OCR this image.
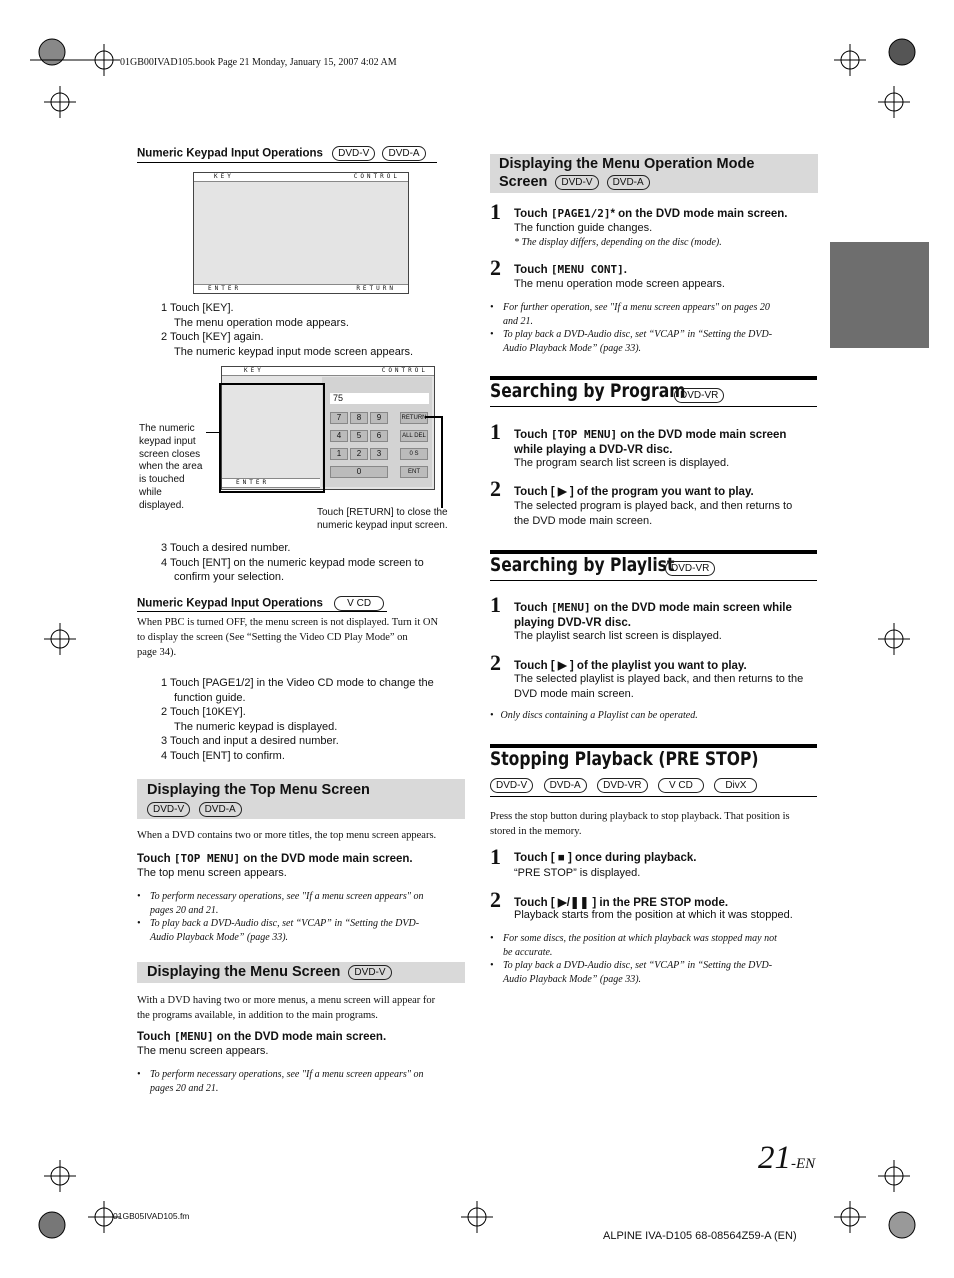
01GB00IVAD105.book Page 21 Monday, January 15, 2007 4:02 AM
Numeric Keypad Input Operations DVD-V DVD-A
KEY	CONTROL
ENTER	RETURN
1 Touch [KEY].
The menu operation mode appears.
2 Touch [KEY] again.
The numeric keypad input mode screen appears.
KEY	CONTROL
ENTER
75
7	8	9
4	5	6
1	2	3
0
RETURN
ALL DEL
0 S
ENT
The numeric
keypad input
screen closes
when the area
is touched
while
displayed.
Touch [RETURN] to close the
numeric keypad input screen.
3 Touch a desired number.
4 Touch [ENT] on the numeric keypad mode screen to
confirm your selection.
Numeric Keypad Input Operations V CD
When PBC is turned OFF, the menu screen is not displayed. Turn it ON
to display the screen (See “Setting the Video CD Play Mode” on
page 34).
1 Touch [PAGE1/2] in the Video CD mode to change the
function guide.
2 Touch [10KEY].
The numeric keypad is displayed.
3 Touch and input a desired number.
4 Touch [ENT] to confirm.
Displaying the Top Menu Screen
DVD-V DVD-A
When a DVD contains two or more titles, the top menu screen appears.
Touch [TOP MENU] on the DVD mode main screen.
The top menu screen appears.
• To perform necessary operations, see "If a menu screen appears" on
pages 20 and 21.
• To play back a DVD-Audio disc, set “VCAP” in “Setting the DVD-
Audio Playback Mode” (page 33).
Displaying the Menu Screen DVD-V
With a DVD having two or more menus, a menu screen will appear for
the programs available, in addition to the main programs.
Touch [MENU] on the DVD mode main screen.
The menu screen appears.
• To perform necessary operations, see "If a menu screen appears" on
pages 20 and 21.
Displaying the Menu Operation Mode
Screen DVD-V DVD-A
1 Touch [PAGE1/2]* on the DVD mode main screen.
The function guide changes.
* The display differs, depending on the disc (mode).
2 Touch [MENU CONT].
The menu operation mode screen appears.
• For further operation, see "If a menu screen appears" on pages 20
and 21.
• To play back a DVD-Audio disc, set “VCAP” in “Setting the DVD-
Audio Playback Mode” (page 33).
Searching by Program
DVD-VR
1 Touch [TOP MENU] on the DVD mode main screen
while playing a DVD-VR disc.
The program search list screen is displayed.
2 Touch [ ▶ ] of the program you want to play.
The selected program is played back, and then returns to
the DVD mode main screen.
Searching by Playlist
DVD-VR
1 Touch [MENU] on the DVD mode main screen while
playing DVD-VR disc.
The playlist search list screen is displayed.
2 Touch [ ▶ ] of the playlist you want to play.
The selected playlist is played back, and then returns to the
DVD mode main screen.
• Only discs containing a Playlist can be operated.
Stopping Playback (PRE STOP)
DVD-V DVD-A DVD-VR	V CD	DivX
Press the stop button during playback to stop playback. That position is
stored in the memory.
1 Touch [ ■ ] once during playback.
“PRE STOP” is displayed.
2 Touch [ ▶/❚❚ ] in the PRE STOP mode.
Playback starts from the position at which it was stopped.
• For some discs, the position at which playback was stopped may not
be accurate.
• To play back a DVD-Audio disc, set “VCAP” in “Setting the DVD-
Audio Playback Mode” (page 33).
21-EN
01GB05IVAD105.fm
ALPINE IVA-D105 68-08564Z59-A (EN)
